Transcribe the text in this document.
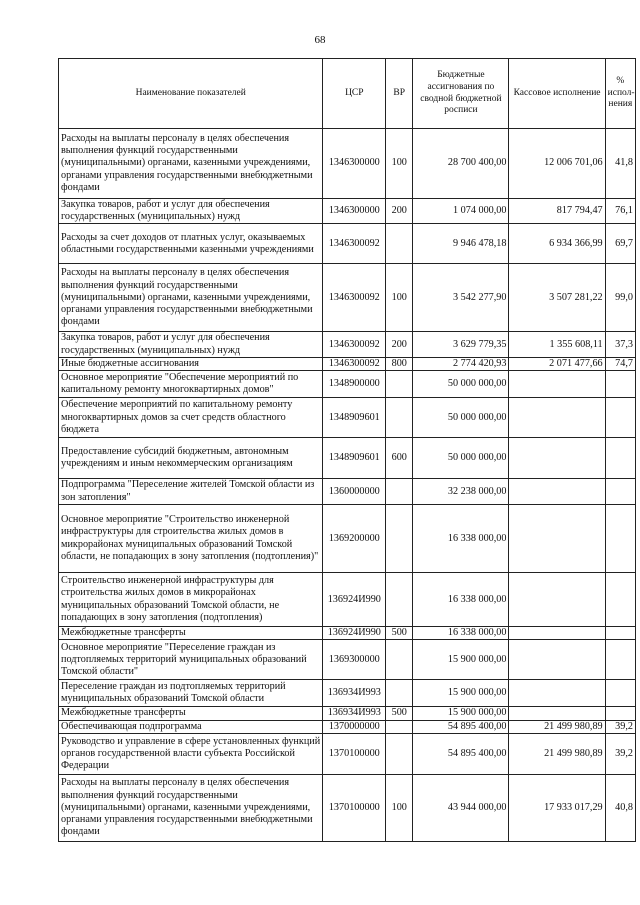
68
Наименование показателей	ЦСР	ВР	Бюджетные ассигнования по сводной бюджетной росписи	Кассовое исполнение	% испол-нения
Расходы на выплаты персоналу в целях обеспечения выполнения функций государственными (муниципальными) органами, казенными учреждениями, органами управления государственными внебюджетными фондами	1346300000	100	28 700 400,00	12 006 701,06	41,8
Закупка товаров, работ и услуг для обеспечения государственных (муниципальных) нужд	1346300000	200	1 074 000,00	817 794,47	76,1
Расходы за счет доходов от платных услуг, оказываемых областными государственными казенными учреждениями	1346300092		9 946 478,18	6 934 366,99	69,7
Расходы на выплаты персоналу в целях обеспечения выполнения функций государственными (муниципальными) органами, казенными учреждениями, органами управления государственными внебюджетными фондами	1346300092	100	3 542 277,90	3 507 281,22	99,0
Закупка товаров, работ и услуг для обеспечения государственных (муниципальных) нужд	1346300092	200	3 629 779,35	1 355 608,11	37,3
Иные бюджетные ассигнования	1346300092	800	2 774 420,93	2 071 477,66	74,7
Основное мероприятие "Обеспечение мероприятий по капитальному ремонту многоквартирных домов"	1348900000		50 000 000,00		
Обеспечение мероприятий по капитальному ремонту многоквартирных домов за счет средств областного бюджета	1348909601		50 000 000,00		
Предоставление субсидий бюджетным, автономным учреждениям и иным некоммерческим организациям	1348909601	600	50 000 000,00		
Подпрограмма "Переселение жителей Томской области из зон затопления"	1360000000		32 238 000,00		
Основное мероприятие "Строительство инженерной инфраструктуры для строительства жилых домов в микрорайонах муниципальных образований Томской области, не попадающих в зону затопления (подтопления)"	1369200000		16 338 000,00		
Строительство инженерной инфраструктуры для строительства жилых домов в микрорайонах муниципальных образований Томской области, не попадающих в зону затопления (подтопления)	136924И990		16 338 000,00		
Межбюджетные трансферты	136924И990	500	16 338 000,00		
Основное мероприятие "Переселение граждан из подтопляемых территорий муниципальных образований Томской области"	1369300000		15 900 000,00		
Переселение граждан из подтопляемых территорий муниципальных образований Томской области	136934И993		15 900 000,00		
Межбюджетные трансферты	136934И993	500	15 900 000,00		
Обеспечивающая подпрограмма	1370000000		54 895 400,00	21 499 980,89	39,2
Руководство и управление в сфере установленных функций органов государственной власти субъекта Российской Федерации	1370100000		54 895 400,00	21 499 980,89	39,2
Расходы на выплаты персоналу в целях обеспечения выполнения функций государственными (муниципальными) органами, казенными учреждениями, органами управления государственными внебюджетными фондами	1370100000	100	43 944 000,00	17 933 017,29	40,8
